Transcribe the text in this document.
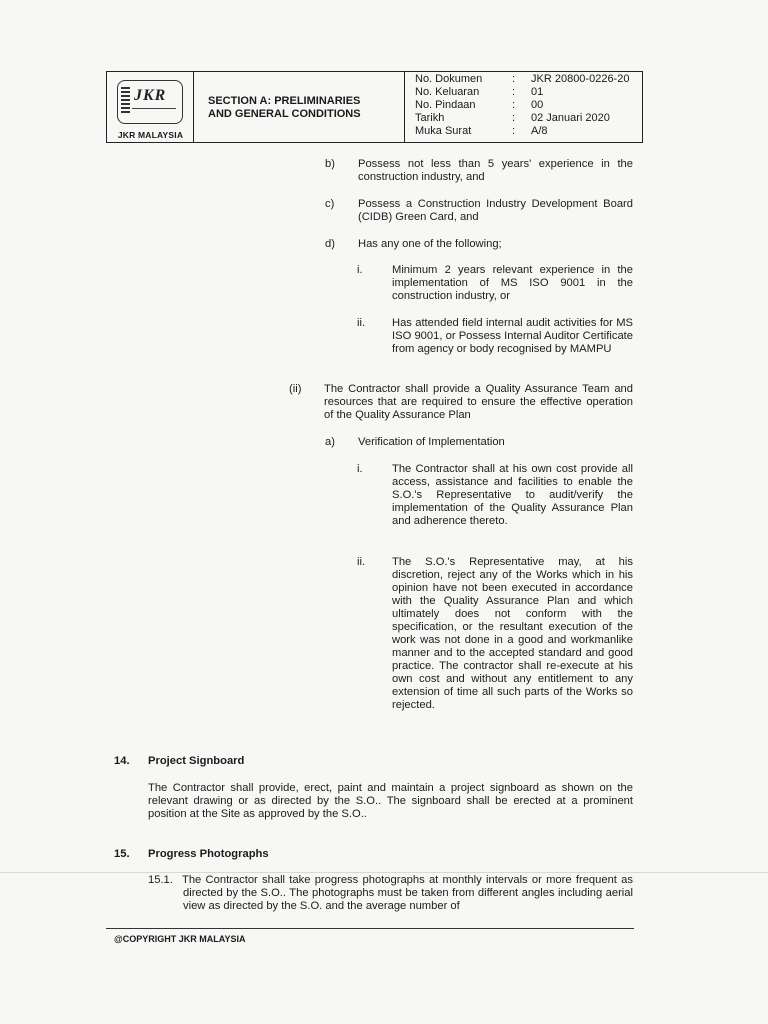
JKR
JKR MALAYSIA
SECTION A: PRELIMINARIES
AND GENERAL CONDITIONS
No. Dokumen	: JKR 20800-0226-20
No. Keluaran	: 01
No. Pindaan	: 00
Tarikh	: 02 Januari 2020
Muka Surat	: A/8
b) Possess not less than 5 years' experience in the construction industry, and
c) Possess a Construction Industry Development Board (CIDB) Green Card, and
d) Has any one of the following;
i.	Minimum 2 years relevant experience in the implementation of MS ISO 9001 in the construction industry, or
ii. Has attended field internal audit activities for MS ISO 9001, or Possess Internal Auditor Certificate from agency or body recognised by MAMPU
(ii) The Contractor shall provide a Quality Assurance Team and resources that are required to ensure the effective operation of the Quality Assurance Plan
a) Verification of Implementation
i.	The Contractor shall at his own cost provide all access, assistance and facilities to enable the S.O.'s Representative to audit/verify the implementation of the Quality Assurance Plan and adherence thereto.
ii. The S.O.'s Representative may, at his discretion, reject any of the Works which in his opinion have not been executed in accordance with the Quality Assurance Plan and which ultimately does not conform with the specification, or the resultant execution of the work was not done in a good and workmanlike manner and to the accepted standard and good practice. The contractor shall re-execute at his own cost and without any entitlement to any extension of time all such parts of the Works so rejected.
14. Project Signboard
The Contractor shall provide, erect, paint and maintain a project signboard as shown on the relevant drawing or as directed by the S.O.. The signboard shall be erected at a prominent position at the Site as approved by the S.O..
15. Progress Photographs
15.1. The Contractor shall take progress photographs at monthly intervals or more frequent as directed by the S.O.. The photographs must be taken from different angles including aerial view as directed by the S.O. and the average number of
@COPYRIGHT JKR MALAYSIA
